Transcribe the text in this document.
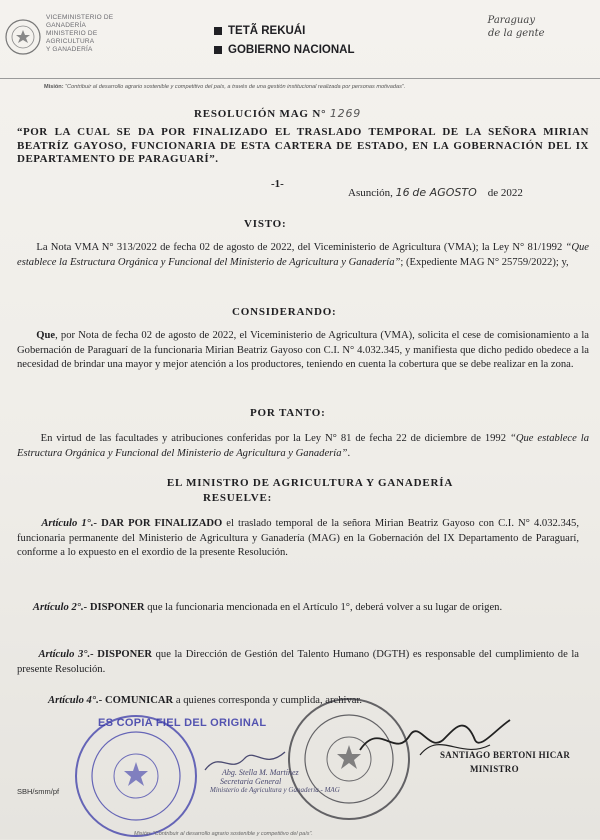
VICEMINISTERIO DE
GANADERÍA
MINISTERIO DE
AGRICULTURA
Y GANADERÍA
TETÃ REKUÁI
GOBIERNO NACIONAL
Paraguay
de la gente
Misión: “Contribuir al desarrollo agrario sostenible y competitivo del país, a través de una gestión institucional realizada por personas motivadas”.
RESOLUCIÓN MAG N° 1269
“POR LA CUAL SE DA POR FINALIZADO EL TRASLADO TEMPORAL DE LA SEÑORA MIRIAN BEATRÍZ GAYOSO, FUNCIONARIA DE ESTA CARTERA DE ESTADO, EN LA GOBERNACIÓN DEL IX DEPARTAMENTO DE PARAGUARÍ”.
-1-
Asunción, 16 de AGOSTO de 2022
VISTO:
La Nota VMA N° 313/2022 de fecha 02 de agosto de 2022, del Viceministerio de Agricultura (VMA); la Ley N° 81/1992 “Que establece la Estructura Orgánica y Funcional del Ministerio de Agricultura y Ganadería”; (Expediente MAG N° 25759/2022); y,
CONSIDERANDO:
Que, por Nota de fecha 02 de agosto de 2022, el Viceministerio de Agricultura (VMA), solicita el cese de comisionamiento a la Gobernación de Paraguarí de la funcionaria Mirian Beatriz Gayoso con C.I. N° 4.032.345, y manifiesta que dicho pedido obedece a la necesidad de brindar una mayor y mejor atención a los productores, teniendo en cuenta la cobertura que se debe realizar en la zona.
POR TANTO:
En virtud de las facultades y atribuciones conferidas por la Ley N° 81 de fecha 22 de diciembre de 1992 “Que establece la Estructura Orgánica y Funcional del Ministerio de Agricultura y Ganadería”.
EL MINISTRO DE AGRICULTURA Y GANADERÍA
RESUELVE:
Artículo 1°.- DAR POR FINALIZADO el traslado temporal de la señora Mirian Beatriz Gayoso con C.I. N° 4.032.345, funcionaria permanente del Ministerio de Agricultura y Ganadería (MAG) en la Gobernación del IX Departamento de Paraguarí, conforme a lo expuesto en el exordio de la presente Resolución.
Artículo 2°.- DISPONER que la funcionaria mencionada en el Artículo 1°, deberá volver a su lugar de origen.
Artículo 3°.- DISPONER que la Dirección de Gestión del Talento Humano (DGTH) es responsable del cumplimiento de la presente Resolución.
Artículo 4°.- COMUNICAR a quienes corresponda y cumplida, archivar.
ES COPIA FIEL DEL ORIGINAL
Abg. Stella M. Martínez
Secretaria General
Ministerio de Agricultura y Ganadería - MAG
SANTIAGO BERTONI HICAR
MINISTRO
SBH/smm/pf
Misión: “Contribuir al desarrollo agrario sostenible y competitivo del país”.
